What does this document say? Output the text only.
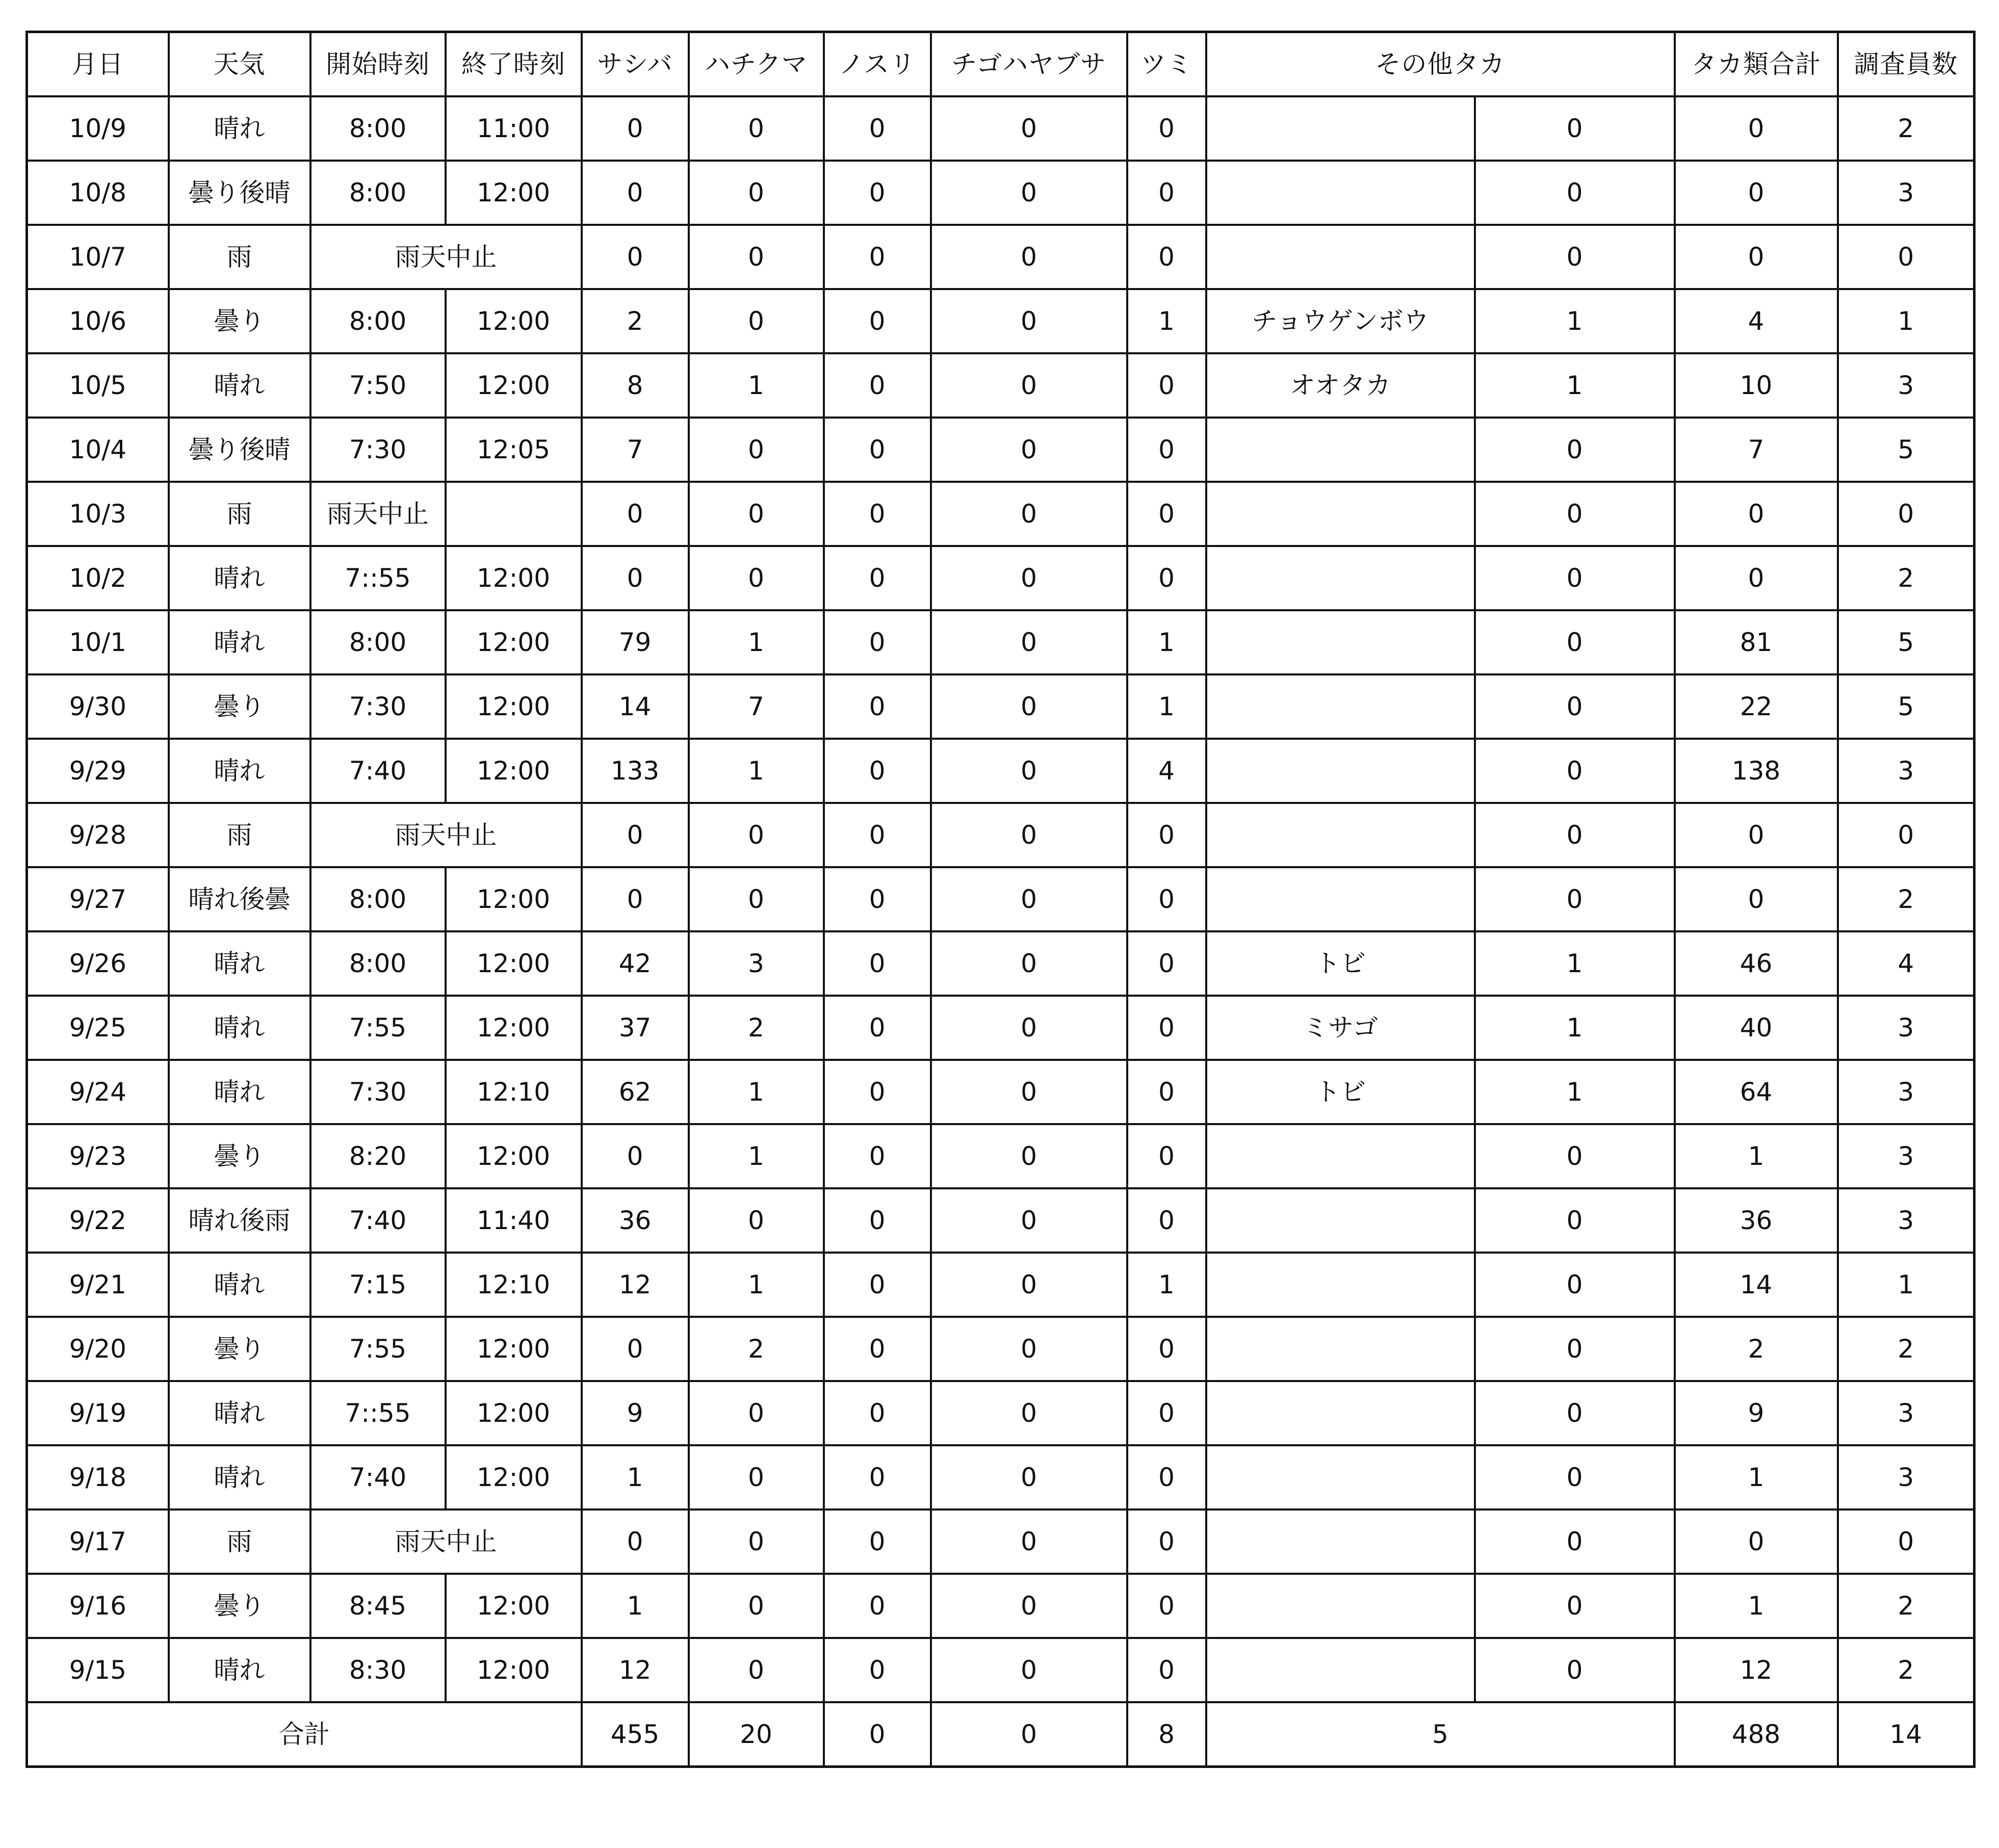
月日	天気	開始時刻	終了時刻	サシバ	ハチクマ	ノスリ	チゴハヤブサ	ツミ	その他タカ		タカ類合計	調査員数
10/9	晴れ	8:00	11:00	0	0	0	0	0		0	0	2
10/8	曇り後晴	8:00	12:00	0	0	0	0	0		0	0	3
10/7	雨	雨天中止		0	0	0	0	0		0	0	0
10/6	曇り	8:00	12:00	2	0	0	0	1	チョウゲンボウ	1	4	1
10/5	晴れ	7:50	12:00	8	1	0	0	0	オオタカ	1	10	3
10/4	曇り後晴	7:30	12:05	7	0	0	0	0		0	7	5
10/3	雨	雨天中止		0	0	0	0	0		0	0	0
10/2	晴れ	7::55	12:00	0	0	0	0	0		0	0	2
10/1	晴れ	8:00	12:00	79	1	0	0	1		0	81	5
9/30	曇り	7:30	12:00	14	7	0	0	1		0	22	5
9/29	晴れ	7:40	12:00	133	1	0	0	4		0	138	3
9/28	雨	雨天中止		0	0	0	0	0		0	0	0
9/27	晴れ後曇	8:00	12:00	0	0	0	0	0		0	0	2
9/26	晴れ	8:00	12:00	42	3	0	0	0	トビ	1	46	4
9/25	晴れ	7:55	12:00	37	2	0	0	0	ミサゴ	1	40	3
9/24	晴れ	7:30	12:10	62	1	0	0	0	トビ	1	64	3
9/23	曇り	8:20	12:00	0	1	0	0	0		0	1	3
9/22	晴れ後雨	7:40	11:40	36	0	0	0	0		0	36	3
9/21	晴れ	7:15	12:10	12	1	0	0	1		0	14	1
9/20	曇り	7:55	12:00	0	2	0	0	0		0	2	2
9/19	晴れ	7::55	12:00	9	0	0	0	0		0	9	3
9/18	晴れ	7:40	12:00	1	0	0	0	0		0	1	3
9/17	雨	雨天中止		0	0	0	0	0		0	0	0
9/16	曇り	8:45	12:00	1	0	0	0	0		0	1	2
9/15	晴れ	8:30	12:00	12	0	0	0	0		0	12	2
合計				455	20	0	0	8	5		488	14
